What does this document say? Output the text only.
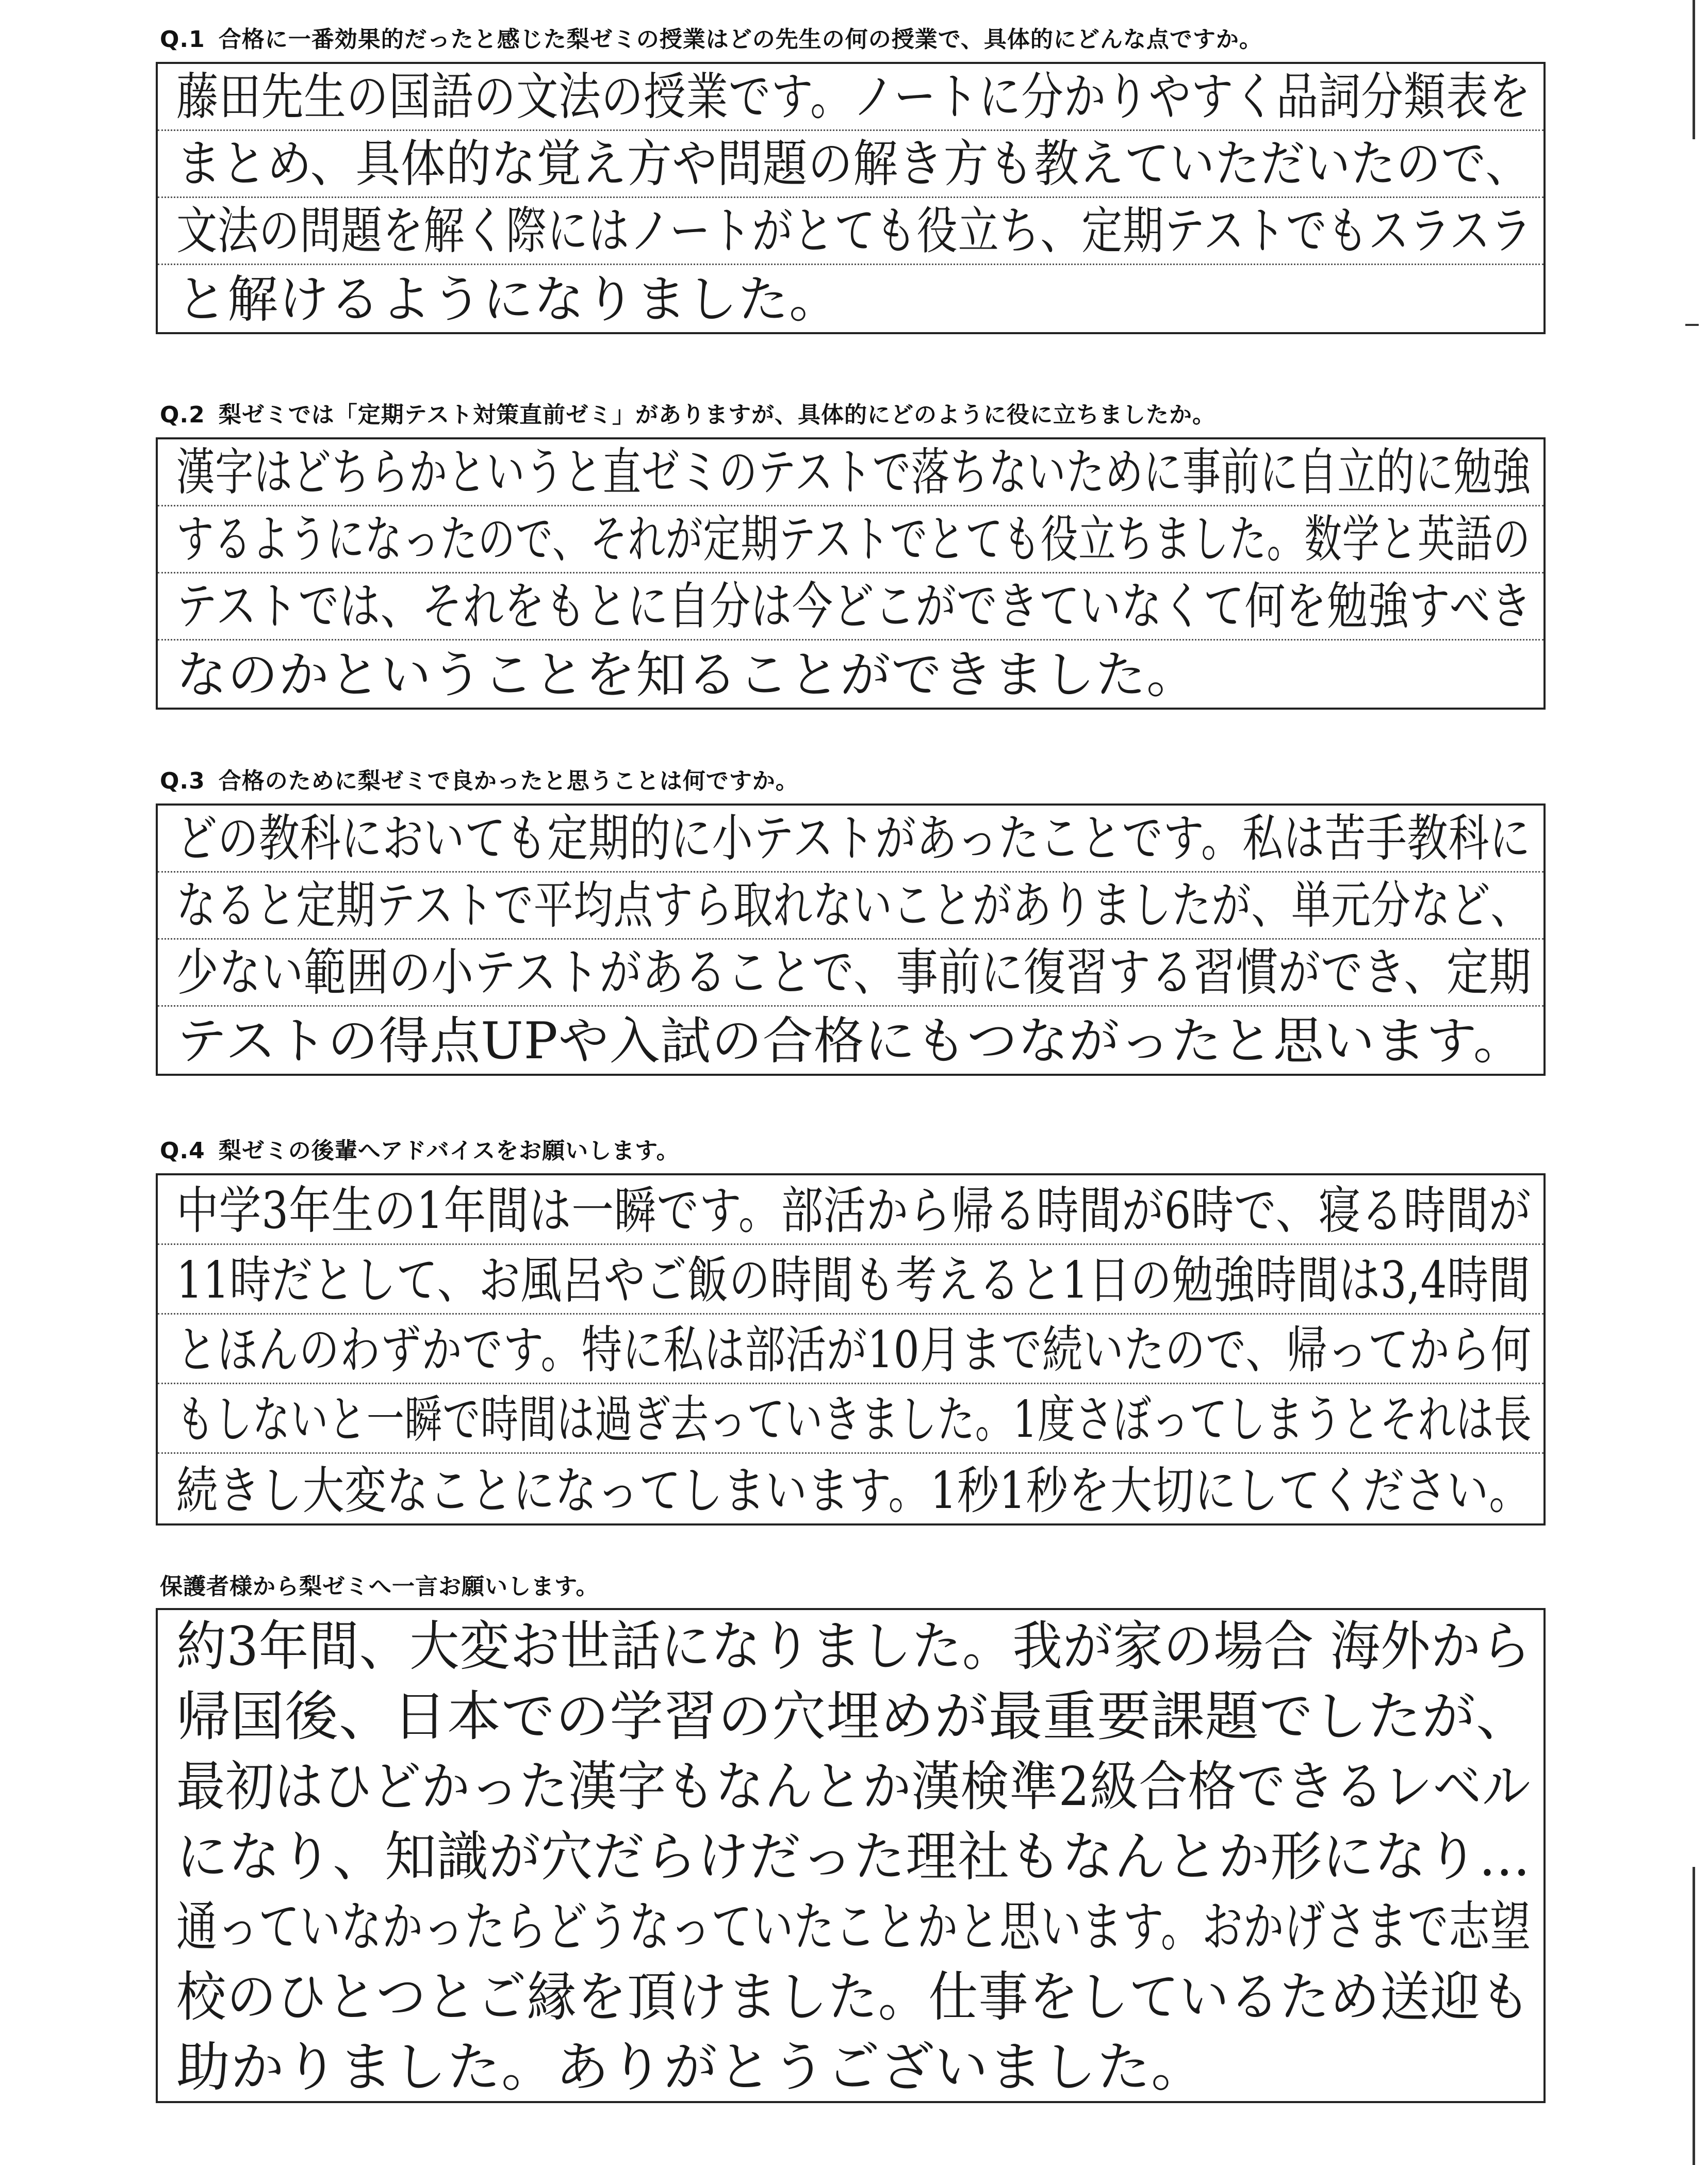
Q.1 合格に一番効果的だったと感じた梨ゼミの授業はどの先生の何の授業で、具体的にどんな点ですか。
藤田先生の国語の文法の授業です。ノートに分かりやすく品詞分類表を
まとめ、具体的な覚え方や問題の解き方も教えていただいたので、
文法の問題を解く際にはノートがとても役立ち、定期テストでもスラスラ
と解けるようになりました。
Q.2 梨ゼミでは「定期テスト対策直前ゼミ」がありますが、具体的にどのように役に立ちましたか。
漢字はどちらかというと直ゼミのテストで落ちないために事前に自立的に勉強
するようになったので、それが定期テストでとても役立ちました。数学と英語の
テストでは、それをもとに自分は今どこができていなくて何を勉強すべき
なのかということを知ることができました。
Q.3 合格のために梨ゼミで良かったと思うことは何ですか。
どの教科においても定期的に小テストがあったことです。私は苦手教科に
なると定期テストで平均点すら取れないことがありましたが、単元分など、
少ない範囲の小テストがあることで、事前に復習する習慣ができ、定期
テストの得点UPや入試の合格にもつながったと思います。
Q.4 梨ゼミの後輩へアドバイスをお願いします。
中学3年生の1年間は一瞬です。部活から帰る時間が6時で、寝る時間が
11時だとして、お風呂やご飯の時間も考えると1日の勉強時間は3,4時間
とほんのわずかです。特に私は部活が10月まで続いたので、帰ってから何
もしないと一瞬で時間は過ぎ去っていきました。1度さぼってしまうとそれは長
続きし大変なことになってしまいます。1秒1秒を大切にしてください。
保護者様から梨ゼミへ一言お願いします。
約3年間、大変お世話になりました。我が家の場合 海外から
帰国後、日本での学習の穴埋めが最重要課題でしたが、
最初はひどかった漢字もなんとか漢検準2級合格できるレベル
になり、知識が穴だらけだった理社もなんとか形になり…
通っていなかったらどうなっていたことかと思います。おかげさまで志望
校のひとつとご縁を頂けました。仕事をしているため送迎も
助かりました。ありがとうございました。
